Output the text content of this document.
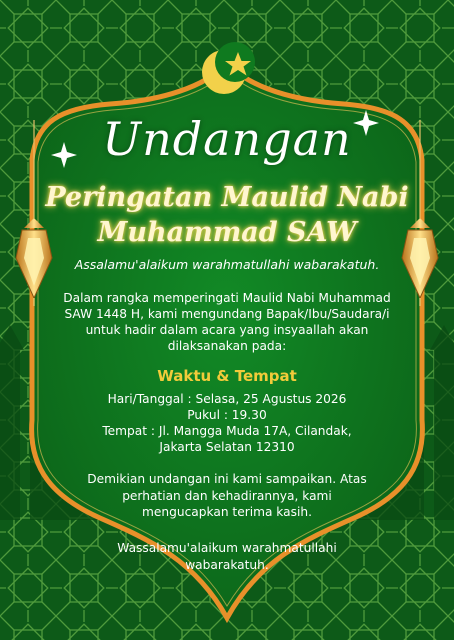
Undangan
Peringatan Maulid Nabi
Muhammad SAW
Assalamu'alaikum warahmatullahi wabarakatuh.
Dalam rangka memperingati Maulid Nabi Muhammad
SAW 1448 H, kami mengundang Bapak/Ibu/Saudara/i
untuk hadir dalam acara yang insyaallah akan
dilaksanakan pada:
Waktu & Tempat
Hari/Tanggal : Selasa, 25 Agustus 2026
Pukul : 19.30
Tempat : Jl. Mangga Muda 17A, Cilandak,
Jakarta Selatan 12310
Demikian undangan ini kami sampaikan. Atas
perhatian dan kehadirannya, kami
mengucapkan terima kasih.
Wassalamu'alaikum warahmatullahi
wabarakatuh.
